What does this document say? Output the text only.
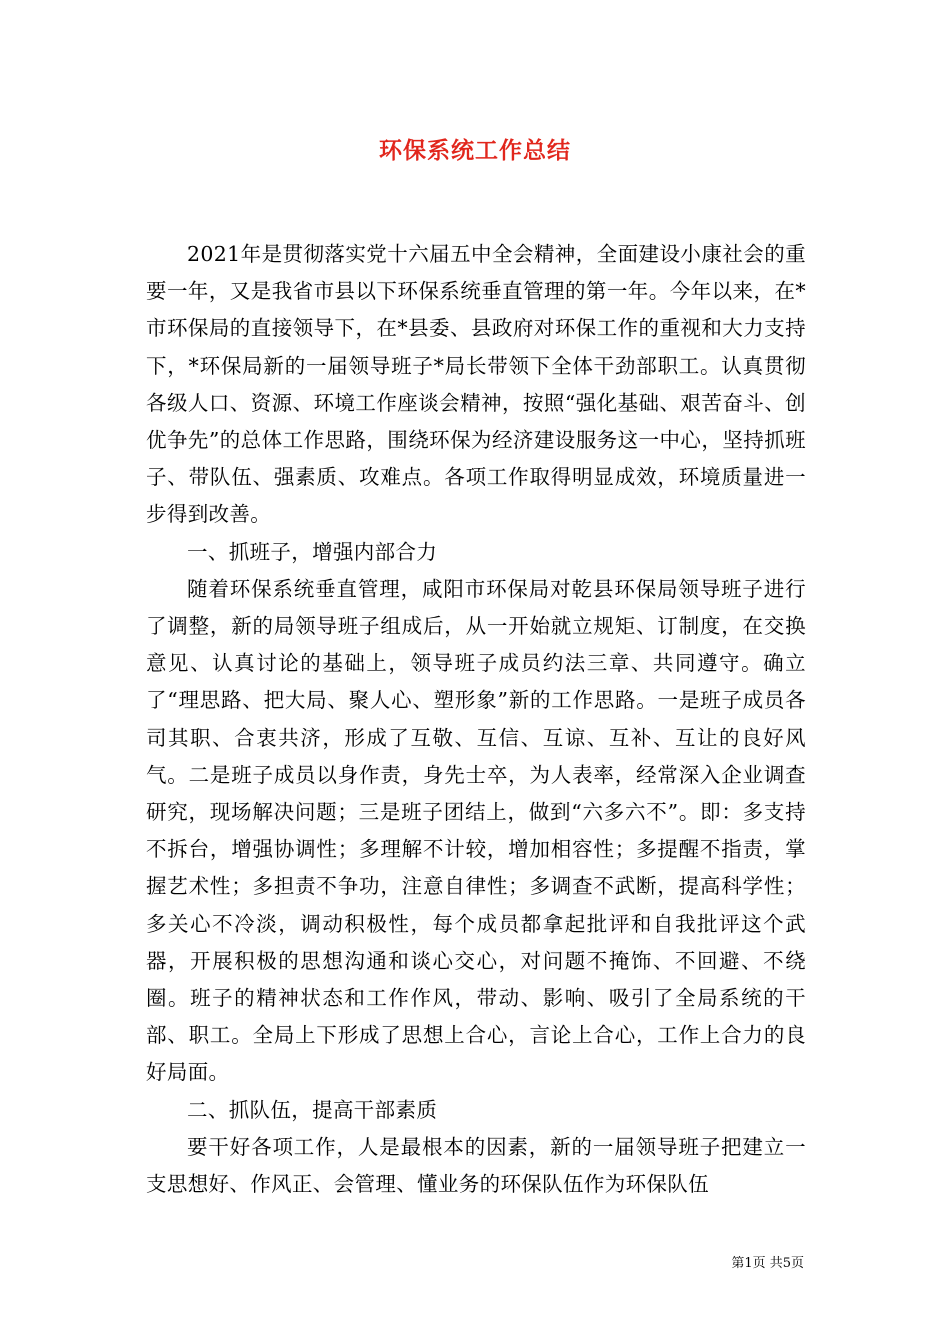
环保系统工作总结

2021年是贯彻落实党十六届五中全会精神，全面建设小康社会的重要一年，又是我省市县以下环保系统垂直管理的第一年。今年以来，在*市环保局的直接领导下，在*县委、县政府对环保工作的重视和大力支持下，*环保局新的一届领导班子*局长带领下全体干劲部职工。认真贯彻各级人口、资源、环境工作座谈会精神，按照“强化基础、艰苦奋斗、创优争先”的总体工作思路，围绕环保为经济建设服务这一中心，坚持抓班子、带队伍、强素质、攻难点。各项工作取得明显成效，环境质量进一步得到改善。

一、抓班子，增强内部合力

随着环保系统垂直管理，咸阳市环保局对乾县环保局领导班子进行了调整，新的局领导班子组成后，从一开始就立规矩、订制度，在交换意见、认真讨论的基础上，领导班子成员约法三章、共同遵守。确立了“理思路、把大局、聚人心、塑形象”新的工作思路。一是班子成员各司其职、合衷共济，形成了互敬、互信、互谅、互补、互让的良好风气。二是班子成员以身作责，身先士卒，为人表率，经常深入企业调查研究，现场解决问题；三是班子团结上，做到“六多六不”。即：多支持不拆台，增强协调性；多理解不计较，增加相容性；多提醒不指责，掌握艺术性；多担责不争功，注意自律性；多调查不武断，提高科学性；多关心不冷淡，调动积极性，每个成员都拿起批评和自我批评这个武器，开展积极的思想沟通和谈心交心，对问题不掩饰、不回避、不绕圈。班子的精神状态和工作作风，带动、影响、吸引了全局系统的干部、职工。全局上下形成了思想上合心，言论上合心，工作上合力的良好局面。

二、抓队伍，提高干部素质

要干好各项工作，人是最根本的因素，新的一届领导班子把建立一支思想好、作风正、会管理、懂业务的环保队伍作为环保队伍

第1页 共5页
